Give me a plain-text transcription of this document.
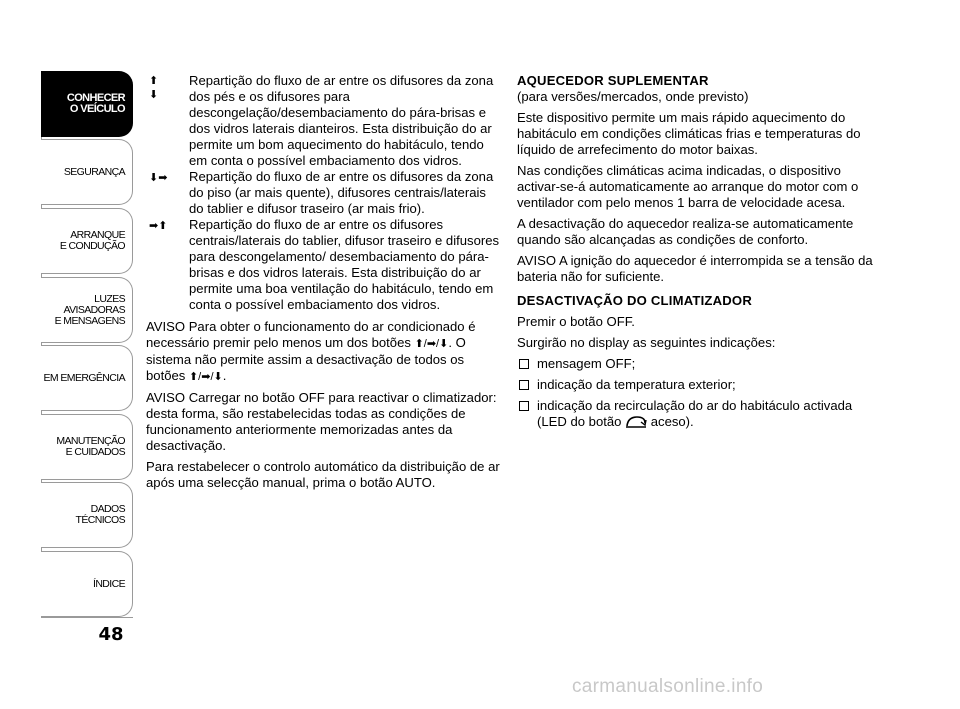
CONHECER
O VEÍCULO
SEGURANÇA
ARRANQUE
E CONDUÇÃO
LUZES
AVISADORAS
E MENSAGENS
EM EMERGÊNCIA
MANUTENÇÃO
E CUIDADOS
DADOS
TÉCNICOS
ÍNDICE
48
⬆
⬇
Repartição do fluxo de ar entre os difusores da zona dos pés e os difusores para descongelação/desembaciamento do pára-brisas e dos vidros laterais dianteiros. Esta distribuição do ar permite um bom aquecimento do habitáculo, tendo em conta o possível embaciamento dos vidros.
⬇➡ Repartição do fluxo de ar entre os difusores da zona do piso (ar mais quente), difusores centrais/laterais do tablier e difusor traseiro (ar mais frio).
➡⬆ Repartição do fluxo de ar entre os difusores centrais/laterais do tablier, difusor traseiro e difusores para descongelamento/ desembaciamento do pára-brisas e dos vidros laterais. Esta distribuição do ar permite uma boa ventilação do habitáculo, tendo em conta o possível embaciamento dos vidros.

AVISO Para obter o funcionamento do ar condicionado é necessário premir pelo menos um dos botões ⬆/➡/⬇. O sistema não permite assim a desactivação de todos os botões ⬆/➡/⬇.

AVISO Carregar no botão OFF para reactivar o climatizador: desta forma, são restabelecidas todas as condições de funcionamento anteriormente memorizadas antes da desactivação.

Para restabelecer o controlo automático da distribuição de ar após uma selecção manual, prima o botão AUTO.

AQUECEDOR SUPLEMENTAR

(para versões/mercados, onde previsto)

Este dispositivo permite um mais rápido aquecimento do habitáculo em condições climáticas frias e temperaturas do líquido de arrefecimento do motor baixas.

Nas condições climáticas acima indicadas, o dispositivo activar-se-á automaticamente ao arranque do motor com o ventilador com pelo menos 1 barra de velocidade acesa.

A desactivação do aquecedor realiza-se automaticamente quando são alcançadas as condições de conforto.

AVISO A ignição do aquecedor é interrompida se a tensão da bateria não for suficiente.

DESACTIVAÇÃO DO CLIMATIZADOR

Premir o botão OFF.

Surgirão no display as seguintes indicações:

mensagem OFF;
indicação da temperatura exterior;
indicação da recirculação do ar do habitáculo activada (LED do botão aceso).
carmanualsonline.info
